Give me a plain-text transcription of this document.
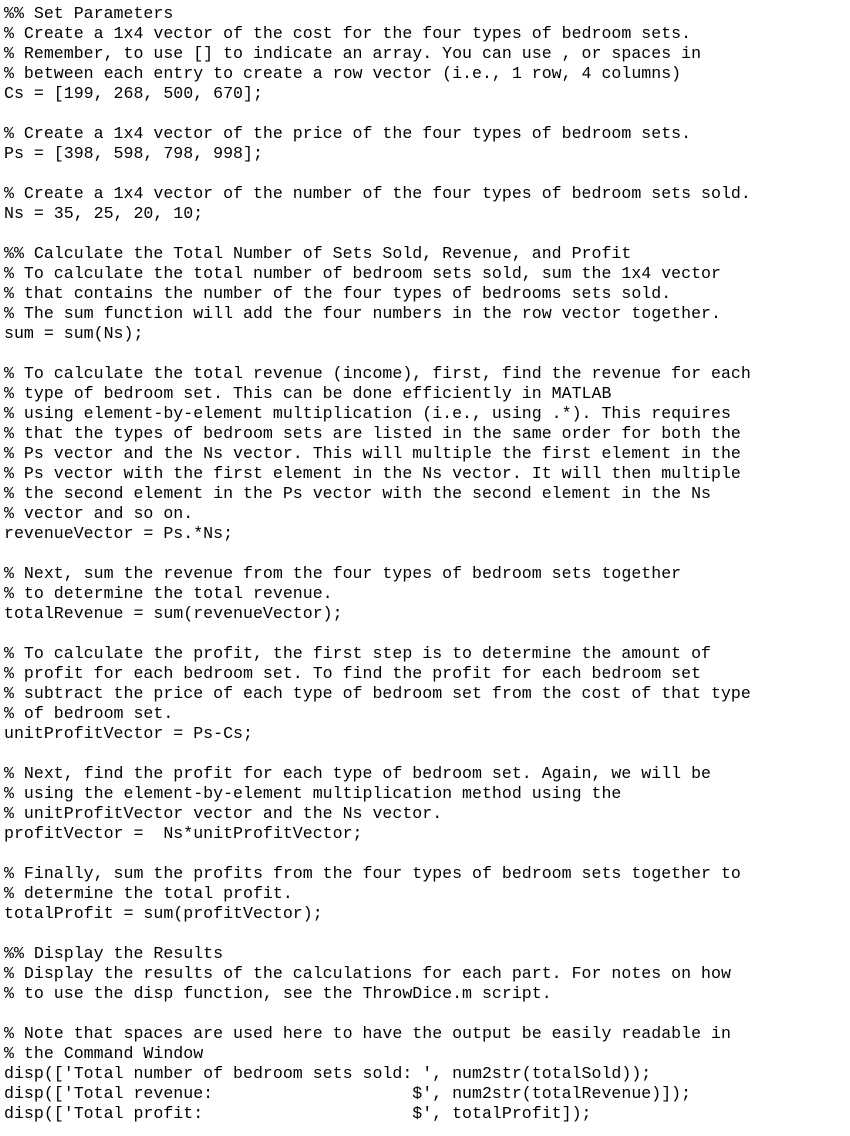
%% Set Parameters
% Create a 1x4 vector of the cost for the four types of bedroom sets.
% Remember, to use [] to indicate an array. You can use , or spaces in
% between each entry to create a row vector (i.e., 1 row, 4 columns)
Cs = [199, 268, 500, 670];
% Create a 1x4 vector of the price of the four types of bedroom sets.
Ps = [398, 598, 798, 998];
% Create a 1x4 vector of the number of the four types of bedroom sets sold.
Ns = 35, 25, 20, 10;
%% Calculate the Total Number of Sets Sold, Revenue, and Profit
% To calculate the total number of bedroom sets sold, sum the 1x4 vector
% that contains the number of the four types of bedrooms sets sold.
% The sum function will add the four numbers in the row vector together.
sum = sum(Ns);
% To calculate the total revenue (income), first, find the revenue for each
% type of bedroom set. This can be done efficiently in MATLAB
% using element-by-element multiplication (i.e., using .*). This requires
% that the types of bedroom sets are listed in the same order for both the
% Ps vector and the Ns vector. This will multiple the first element in the
% Ps vector with the first element in the Ns vector. It will then multiple
% the second element in the Ps vector with the second element in the Ns
% vector and so on.
revenueVector = Ps.*Ns;
% Next, sum the revenue from the four types of bedroom sets together
% to determine the total revenue.
totalRevenue = sum(revenueVector);
% To calculate the profit, the first step is to determine the amount of
% profit for each bedroom set. To find the profit for each bedroom set
% subtract the price of each type of bedroom set from the cost of that type
% of bedroom set.
unitProfitVector = Ps-Cs;
% Next, find the profit for each type of bedroom set. Again, we will be
% using the element-by-element multiplication method using the
% unitProfitVector vector and the Ns vector.
profitVector =  Ns*unitProfitVector;
% Finally, sum the profits from the four types of bedroom sets together to
% determine the total profit.
totalProfit = sum(profitVector);
%% Display the Results
% Display the results of the calculations for each part. For notes on how
% to use the disp function, see the ThrowDice.m script.
% Note that spaces are used here to have the output be easily readable in
% the Command Window
disp(['Total number of bedroom sets sold: ', num2str(totalSold));
disp(['Total revenue:                    $', num2str(totalRevenue)]);
disp(['Total profit:                     $', totalProfit]);
